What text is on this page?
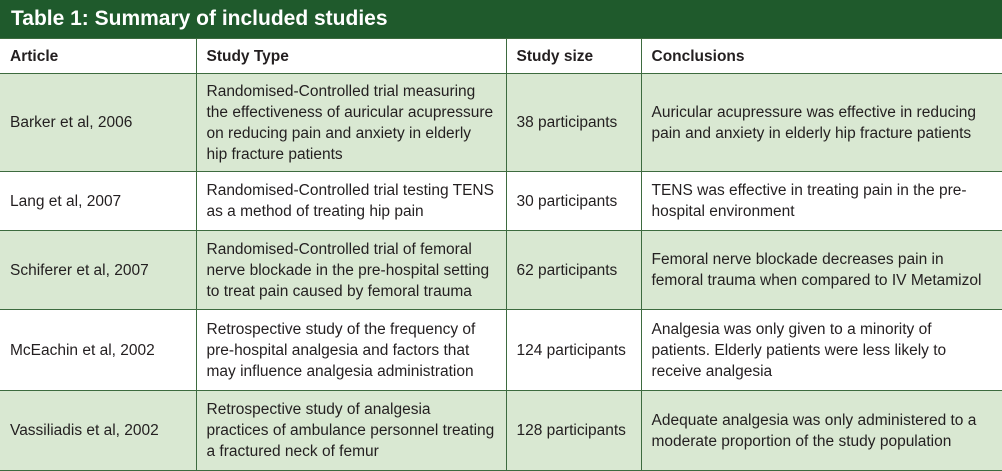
Table 1: Summary of included studies
Article	Study Type	Study size	Conclusions
Barker et al, 2006	Randomised-Controlled trial measuring the effectiveness of auricular acupressure on reducing pain and anxiety in elderly hip fracture patients	38 participants	Auricular acupressure was effective in reducing pain and anxiety in elderly hip fracture patients
Lang et al, 2007	Randomised-Controlled trial testing TENS as a method of treating hip pain	30 participants	TENS was effective in treating pain in the pre-hospital environment
Schiferer et al, 2007	Randomised-Controlled trial of femoral nerve blockade in the pre-hospital setting to treat pain caused by femoral trauma	62 participants	Femoral nerve blockade decreases pain in femoral trauma when compared to IV Metamizol
McEachin et al, 2002	Retrospective study of the frequency of pre-hospital analgesia and factors that may influence analgesia administration	124 participants	Analgesia was only given to a minority of patients. Elderly patients were less likely to receive analgesia
Vassiliadis et al, 2002	Retrospective study of analgesia practices of ambulance personnel treating a fractured neck of femur	128 participants	Adequate analgesia was only administered to a moderate proportion of the study population
